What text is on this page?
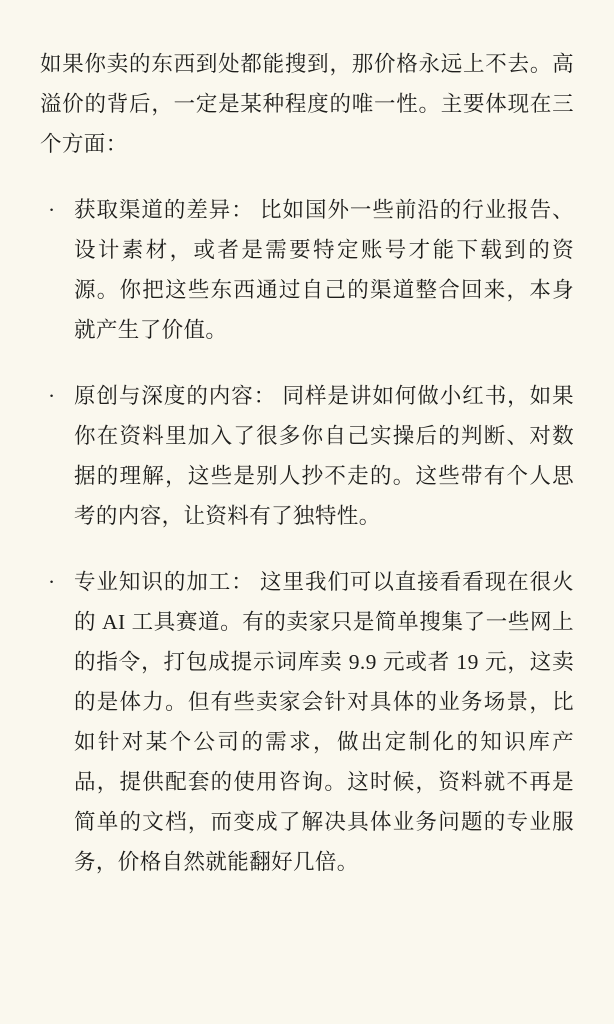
如果你卖的东西到处都能搜到，那价格永远上不去。高溢价的背后，一定是某种程度的唯一性。主要体现在三个方面：

· 获取渠道的差异： 比如国外一些前沿的行业报告、设计素材，或者是需要特定账号才能下载到的资源。你把这些东西通过自己的渠道整合回来，本身就产生了价值。
· 原创与深度的内容： 同样是讲如何做小红书，如果你在资料里加入了很多你自己实操后的判断、对数据的理解，这些是别人抄不走的。这些带有个人思考的内容，让资料有了独特性。
· 专业知识的加工： 这里我们可以直接看看现在很火的 AI 工具赛道。有的卖家只是简单搜集了一些网上的指令，打包成提示词库卖 9.9 元或者 19 元，这卖的是体力。但有些卖家会针对具体的业务场景，比如针对某个公司的需求，做出定制化的知识库产品，提供配套的使用咨询。这时候，资料就不再是简单的文档，而变成了解决具体业务问题的专业服务，价格自然就能翻好几倍。
